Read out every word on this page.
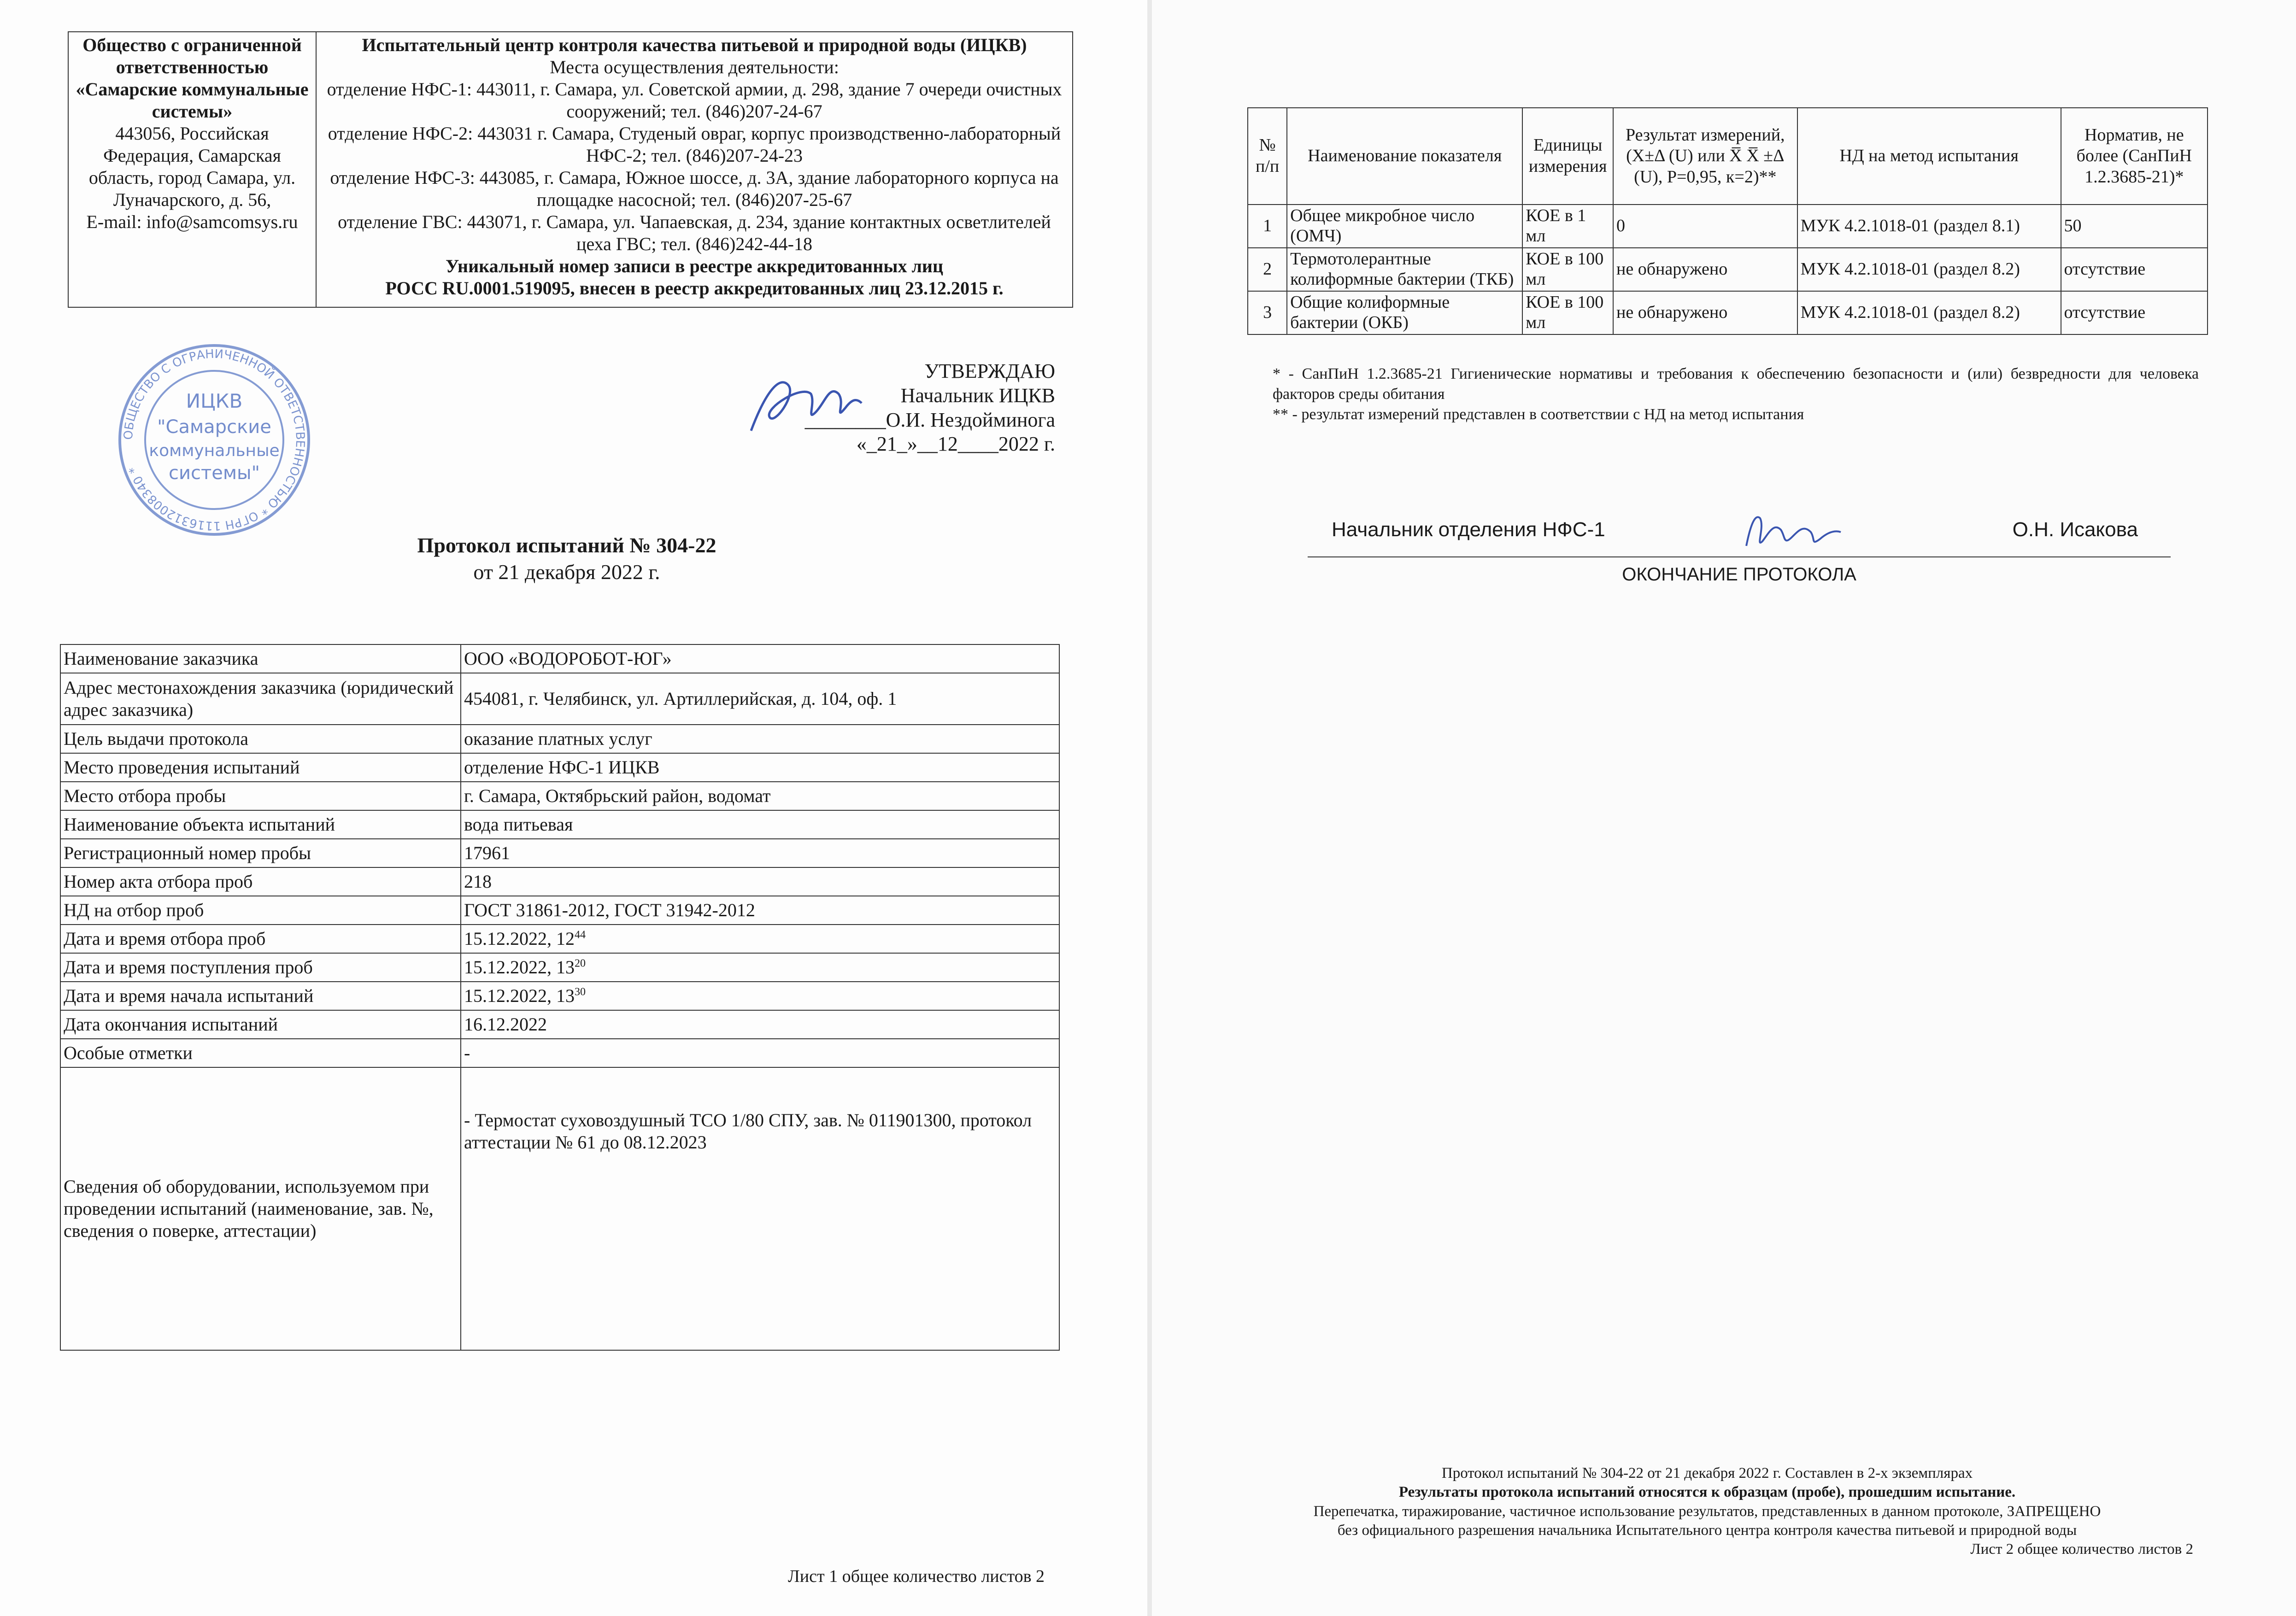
Общество с ограниченной ответственностью «Самарские коммунальные системы»
443056, Российская Федерация, Самарская область, город Самара, ул. Луначарского, д. 56,
E-mail: info@samcomsys.ru

Испытательный центр контроля качества питьевой и природной воды (ИЦКВ)
Места осуществления деятельности:
отделение НФС-1: 443011, г. Самара, ул. Советской армии, д. 298, здание 7 очереди очистных сооружений; тел. (846)207-24-67
отделение НФС-2: 443031 г. Самара, Студеный овраг, корпус производственно-лабораторный НФС-2; тел. (846)207-24-23
отделение НФС-3: 443085, г. Самара, Южное шоссе, д. 3А, здание лабораторного корпуса на площадке насосной; тел. (846)207-25-67
отделение ГВС: 443071, г. Самара, ул. Чапаевская, д. 234, здание контактных осветлителей цеха ГВС; тел. (846)242-44-18
Уникальный номер записи в реестре аккредитованных лиц
РОСС RU.0001.519095, внесен в реестр аккредитованных лиц 23.12.2015 г.
ОБЩЕСТВО С ОГРАНИЧЕННОЙ ОТВЕТСТВЕННОСТЬЮ * ОГРН 1116312008340 *
ИЦКВ
"Самарские
коммунальные
системы"
УТВЕРЖДАЮ
Начальник ИЦКВ
________О.И. Нездойминога
«_21_»__12____2022 г.
Протокол испытаний № 304-22
от 21 декабря 2022 г.
Наименование заказчика	ООО «ВОДОРОБОТ-ЮГ»
Адрес местонахождения заказчика (юридический адрес заказчика)	454081, г. Челябинск, ул. Артиллерийская, д. 104, оф. 1
Цель выдачи протокола	оказание платных услуг
Место проведения испытаний	отделение НФС-1 ИЦКВ
Место отбора пробы	г. Самара, Октябрьский район, водомат
Наименование объекта испытаний	вода питьевая
Регистрационный номер пробы	17961
Номер акта отбора проб	218
НД на отбор проб	ГОСТ 31861-2012, ГОСТ 31942-2012
Дата и время отбора проб	15.12.2022, $12^{44}$
Дата и время поступления проб	15.12.2022, $13^{20}$
Дата и время начала испытаний	15.12.2022, $13^{30}$
Дата окончания испытаний	16.12.2022
Особые отметки	-
Сведения об оборудовании, используемом при проведении испытаний (наименование, зав. №, сведения о поверке, аттестации)	- Термостат суховоздушный ТСО 1/80 СПУ, зав. № 011901300, протокол аттестации № 61 до 08.12.2023
Лист 1 общее количество листов 2
№ п/п	Наименование показателя	Единицы измерения	Результат измерений, (X±Δ (U) или X̅ X̅ ±Δ (U), P=0,95, к=2)**	НД на метод испытания	Норматив, не более (СанПиН 1.2.3685-21)*
1	Общее микробное число (ОМЧ)	КОЕ в 1 мл	0	МУК 4.2.1018-01 (раздел 8.1)	50
2	Термотолерантные колиформные бактерии (ТКБ)	КОЕ в 100 мл	не обнаружено	МУК 4.2.1018-01 (раздел 8.2)	отсутствие
3	Общие колиформные бактерии (ОКБ)	КОЕ в 100 мл	не обнаружено	МУК 4.2.1018-01 (раздел 8.2)	отсутствие

* - СанПиН 1.2.3685-21 Гигиенические нормативы и требования к обеспечению безопасности и (или) безвредности для человека факторов среды обитания

** - результат измерений представлен в соответствии с НД на метод испытания

Начальник отделения НФС-1	О.Н. Исакова
ОКОНЧАНИЕ ПРОТОКОЛА
Протокол испытаний № 304-22 от 21 декабря 2022 г. Составлен в 2-х экземплярах
Результаты протокола испытаний относятся к образцам (пробе), прошедшим испытание.
Перепечатка, тиражирование, частичное использование результатов, представленных в данном протоколе, ЗАПРЕЩЕНО
без официального разрешения начальника Испытательного центра контроля качества питьевой и природной воды
Лист 2 общее количество листов 2
